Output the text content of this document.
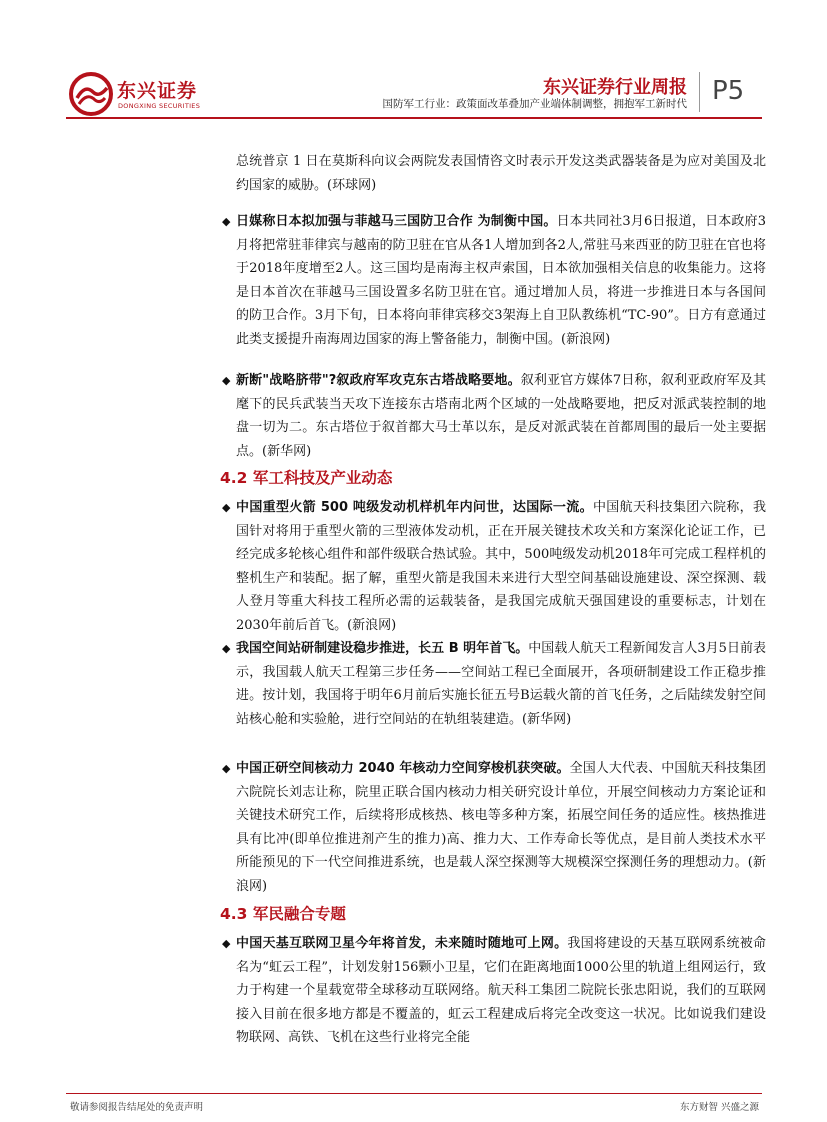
东兴证券
DONGXING SECURITIES
东兴证券行业周报
国防军工行业：政策面改革叠加产业端体制调整，拥抱军工新时代 P5

总统普京 1 日在莫斯科向议会两院发表国情咨文时表示开发这类武器装备是为应对美国及北约国家的威胁。(环球网)

◆ 日媒称日本拟加强与菲越马三国防卫合作 为制衡中国。日本共同社3月6日报道，日本政府3月将把常驻菲律宾与越南的防卫驻在官从各1人增加到各2人,常驻马来西亚的防卫驻在官也将于2018年度增至2人。这三国均是南海主权声索国，日本欲加强相关信息的收集能力。这将是日本首次在菲越马三国设置多名防卫驻在官。通过增加人员，将进一步推进日本与各国间的防卫合作。3月下旬，日本将向菲律宾移交3架海上自卫队教练机“TC-90”。日方有意通过此类支援提升南海周边国家的海上警备能力，制衡中国。(新浪网)

◆ 新断"战略脐带"?叙政府军攻克东古塔战略要地。叙利亚官方媒体7日称，叙利亚政府军及其麾下的民兵武装当天攻下连接东古塔南北两个区域的一处战略要地，把反对派武装控制的地盘一切为二。东古塔位于叙首都大马士革以东，是反对派武装在首都周围的最后一处主要据点。(新华网)

4.2 军工科技及产业动态
◆ 中国重型火箭 500 吨级发动机样机年内问世，达国际一流。中国航天科技集团六院称，我国针对将用于重型火箭的三型液体发动机，正在开展关键技术攻关和方案深化论证工作，已经完成多轮核心组件和部件级联合热试验。其中，500吨级发动机2018年可完成工程样机的整机生产和装配。据了解，重型火箭是我国未来进行大型空间基础设施建设、深空探测、载人登月等重大科技工程所必需的运载装备，是我国完成航天强国建设的重要标志，计划在2030年前后首飞。(新浪网)

◆ 我国空间站研制建设稳步推进，长五 B 明年首飞。中国载人航天工程新闻发言人3月5日前表示，我国载人航天工程第三步任务——空间站工程已全面展开，各项研制建设工作正稳步推进。按计划，我国将于明年6月前后实施长征五号B运载火箭的首飞任务，之后陆续发射空间站核心舱和实验舱，进行空间站的在轨组装建造。(新华网)

◆ 中国正研空间核动力 2040 年核动力空间穿梭机获突破。全国人大代表、中国航天科技集团六院院长刘志让称，院里正联合国内核动力相关研究设计单位，开展空间核动力方案论证和关键技术研究工作，后续将形成核热、核电等多种方案，拓展空间任务的适应性。核热推进具有比冲(即单位推进剂产生的推力)高、推力大、工作寿命长等优点，是目前人类技术水平所能预见的下一代空间推进系统，也是载人深空探测等大规模深空探测任务的理想动力。(新浪网)

4.3 军民融合专题
◆ 中国天基互联网卫星今年将首发，未来随时随地可上网。我国将建设的天基互联网系统被命名为“虹云工程”，计划发射156颗小卫星，它们在距离地面1000公里的轨道上组网运行，致力于构建一个星载宽带全球移动互联网络。航天科工集团二院院长张忠阳说，我们的互联网接入目前在很多地方都是不覆盖的，虹云工程建成后将完全改变这一状况。比如说我们建设物联网、高铁、飞机在这些行业将完全能

敬请参阅报告结尾处的免责声明	东方财智 兴盛之源
